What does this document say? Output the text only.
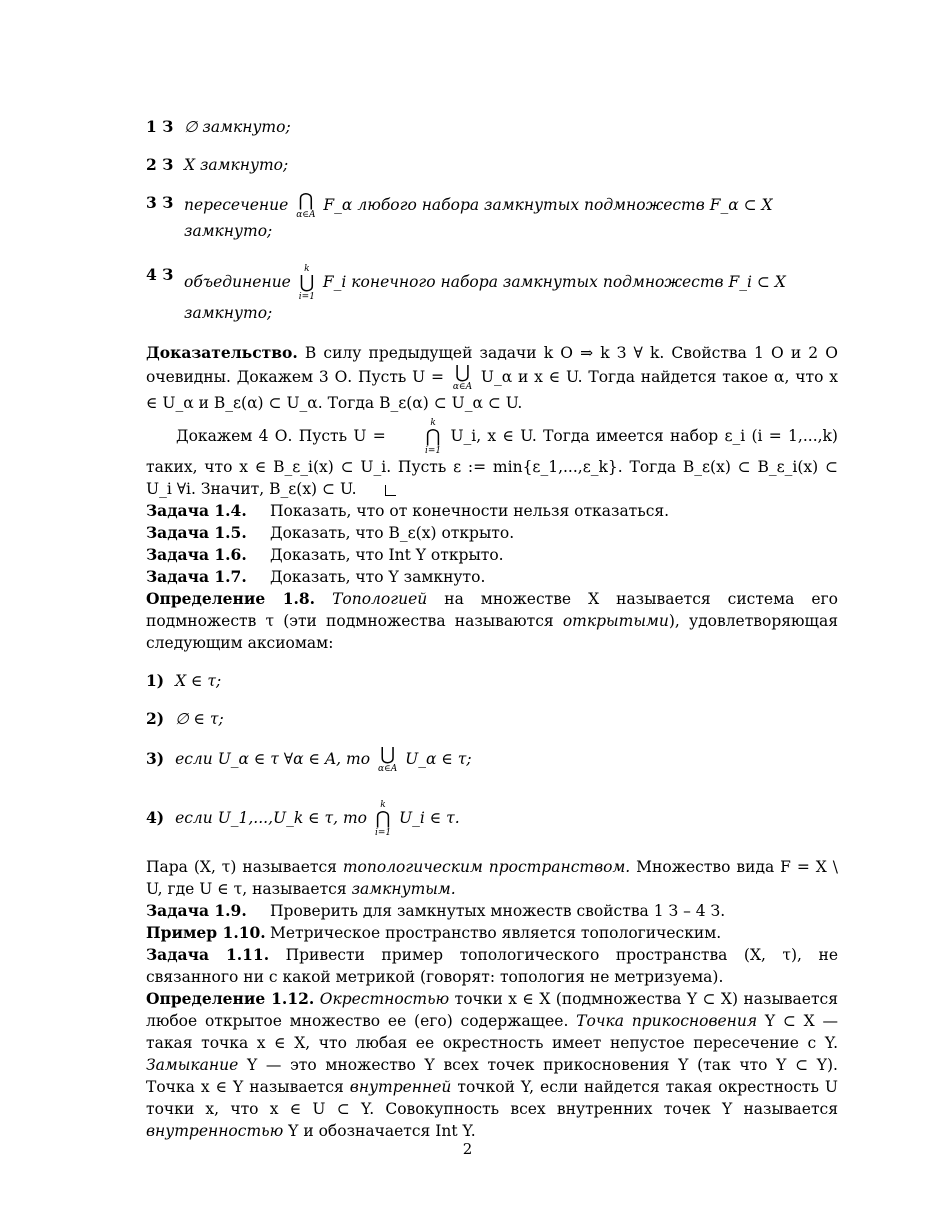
1 З ∅ замкнуто;
2 З X замкнуто;
3 З пересечение ⋂
α∈A
F_α любого набора замкнутых подмножеств F_α ⊂ X замкнуто;
4 З объединение
k
⋃
i=1
F_i конечного набора замкнутых подмножеств F_i ⊂ X замкнуто;
Доказательство. В силу предыдущей задачи k О ⇒ k З ∀ k. Свойства 1 О и 2 О очевидны. Докажем 3 О. Пусть U = ⋃
α∈A
U_α и x ∈ U. Тогда найдется такое α, что x ∈ U_α и B_ε(α) ⊂ U_α. Тогда B_ε(α) ⊂ U_α ⊂ U.
Докажем 4 О. Пусть U =
k
⋂
i=1
U_i, x ∈ U. Тогда имеется набор ε_i (i = 1,...,k) таких, что x ∈ B_ε_i(x) ⊂ U_i. Пусть ε := min{ε_1,...,ε_k}. Тогда B_ε(x) ⊂ B_ε_i(x) ⊂ U_i ∀i. Значит, B_ε(x) ⊂ U.
Задача 1.4.	Показать, что от конечности нельзя отказаться.
Задача 1.5.	Доказать, что B_ε(x) открыто.
Задача 1.6.	Доказать, что Int Y открыто.
Задача 1.7.	Доказать, что Y замкнуто.
Определение 1.8. Топологией на множестве X называется система его подмножеств τ (эти подмножества называются открытыми), удовлетворяющая следующим аксиомам:
1) X ∈ τ;
2) ∅ ∈ τ;
3) если U_α ∈ τ ∀α ∈ A, то ⋃
α∈A
U_α ∈ τ;
4) если U_1,...,U_k ∈ τ, то
k
⋂
i=1
U_i ∈ τ.
Пара (X, τ) называется топологическим пространством. Множество вида F = X \ U, где U ∈ τ, называется замкнутым.
Задача 1.9.	Проверить для замкнутых множеств свойства 1 З – 4 З.
Пример 1.10. Метрическое пространство является топологическим.
Задача 1.11. Привести пример топологического пространства (X, τ), не связанного ни с какой метрикой (говорят: топология не метризуема).
Определение 1.12. Окрестностью точки x ∈ X (подмножества Y ⊂ X) называется любое открытое множество ее (его) содержащее. Точка прикосновения Y ⊂ X — такая точка x ∈ X, что любая ее окрестность имеет непустое пересечение с Y. Замыкание Y — это множество Y всех точек прикосновения Y (так что Y ⊂ Y). Точка x ∈ Y называется внутренней точкой Y, если найдется такая окрестность U точки x, что x ∈ U ⊂ Y. Совокупность всех внутренних точек Y называется внутренностью Y и обозначается Int Y.
2
